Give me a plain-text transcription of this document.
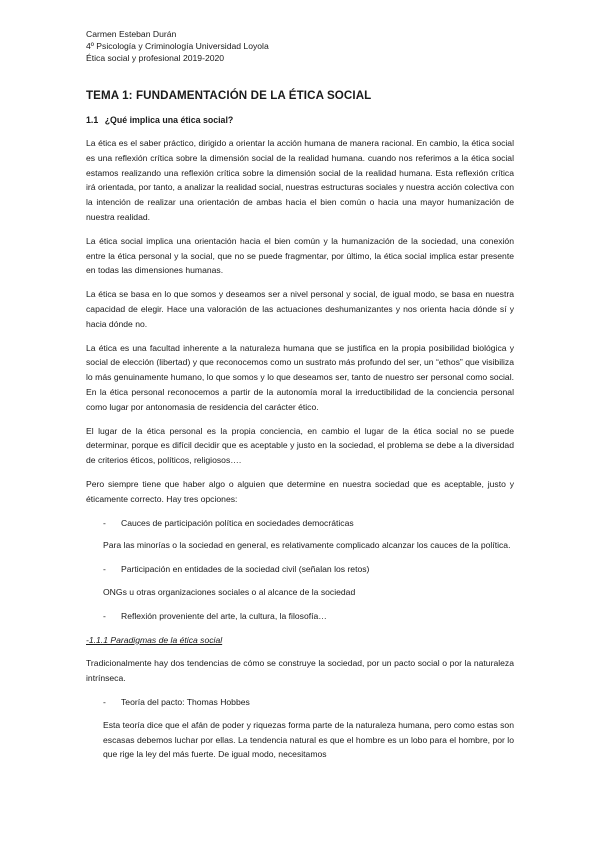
Carmen Esteban Durán

4º Psicología y Criminología Universidad Loyola

Ética social y profesional 2019-2020

TEMA 1: FUNDAMENTACIÓN DE LA ÉTICA SOCIAL
1.1 ¿Qué implica una ética social?

La ética es el saber práctico, dirigido a orientar la acción humana de manera racional. En cambio, la ética social es una reflexión crítica sobre la dimensión social de la realidad humana. cuando nos referimos a la ética social estamos realizando una reflexión crítica sobre la dimensión social de la realidad humana. Esta reflexión crítica irá orientada, por tanto, a analizar la realidad social, nuestras estructuras sociales y nuestra acción colectiva con la intención de realizar una orientación de ambas hacia el bien común o hacia una mayor humanización de nuestra realidad.

La ética social implica una orientación hacia el bien común y la humanización de la sociedad, una conexión entre la ética personal y la social, que no se puede fragmentar, por último, la ética social implica estar presente en todas las dimensiones humanas.

La ética se basa en lo que somos y deseamos ser a nivel personal y social, de igual modo, se basa en nuestra capacidad de elegir. Hace una valoración de las actuaciones deshumanizantes y nos orienta hacia dónde sí y hacia dónde no.

La ética es una facultad inherente a la naturaleza humana que se justifica en la propia posibilidad biológica y social de elección (libertad) y que reconocemos como un sustrato más profundo del ser, un “ethos” que visibiliza lo más genuinamente humano, lo que somos y lo que deseamos ser, tanto de nuestro ser personal como social. En la ética personal reconocemos a partir de la autonomía moral la irreductibilidad de la conciencia personal como lugar por antonomasia de residencia del carácter ético.

El lugar de la ética personal es la propia conciencia, en cambio el lugar de la ética social no se puede determinar, porque es difícil decidir que es aceptable y justo en la sociedad, el problema se debe a la diversidad de criterios éticos, políticos, religiosos….

Pero siempre tiene que haber algo o alguien que determine en nuestra sociedad que es aceptable, justo y éticamente correcto. Hay tres opciones:

-	Cauces de participación política en sociedades democráticas

Para las minorías o la sociedad en general, es relativamente complicado alcanzar los cauces de la política.

-	Participación en entidades de la sociedad civil (señalan los retos)

ONGs u otras organizaciones sociales o al alcance de la sociedad

-	Reflexión proveniente del arte, la cultura, la filosofía…

-1.1.1 Paradigmas de la ética social

Tradicionalmente hay dos tendencias de cómo se construye la sociedad, por un pacto social o por la naturaleza intrínseca.

-	Teoría del pacto: Thomas Hobbes

Esta teoría dice que el afán de poder y riquezas forma parte de la naturaleza humana, pero como estas son escasas debemos luchar por ellas. La tendencia natural es que el hombre es un lobo para el hombre, por lo que rige la ley del más fuerte. De igual modo, necesitamos
